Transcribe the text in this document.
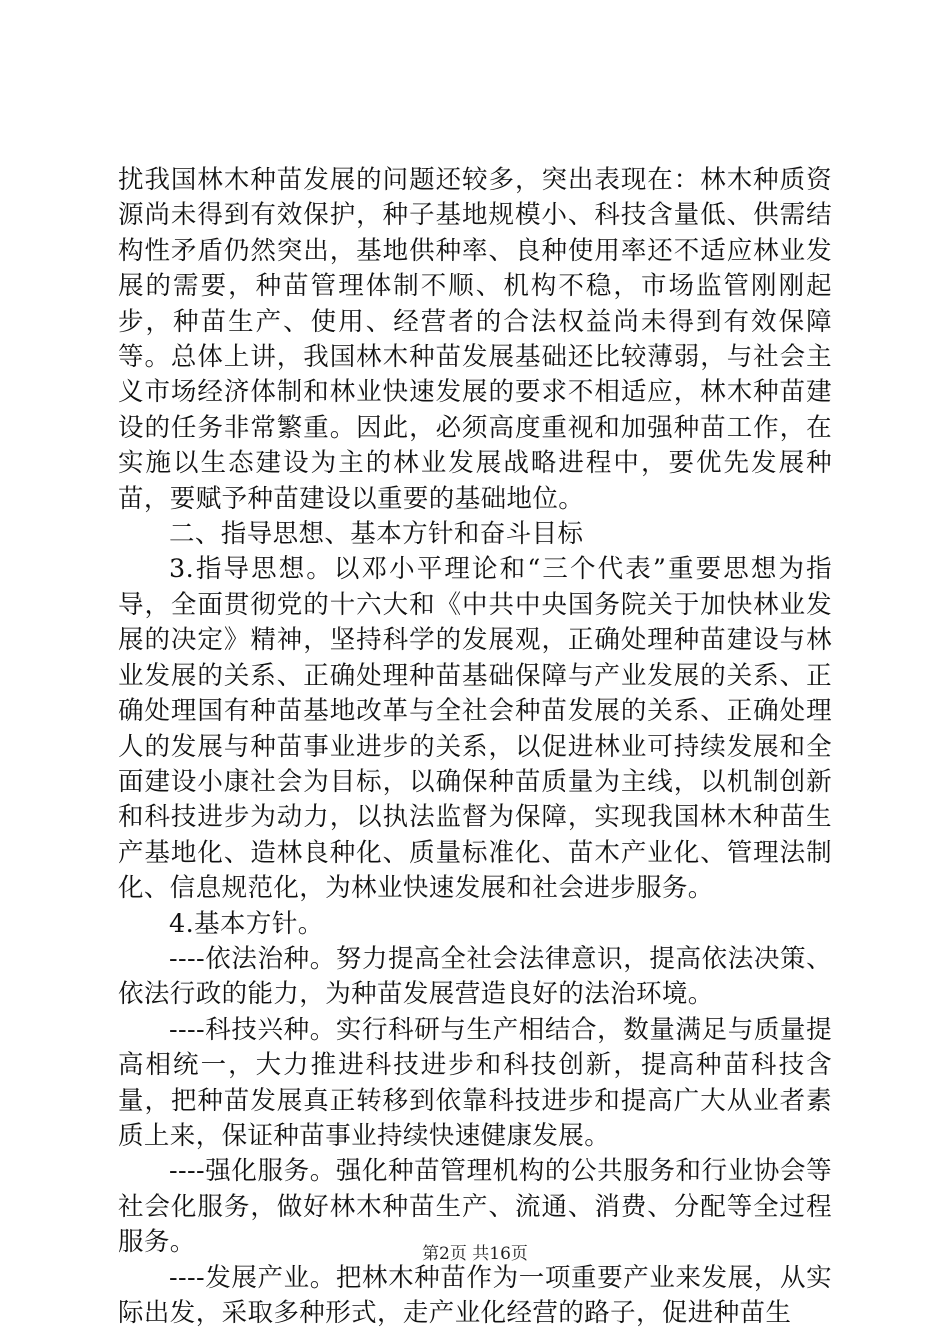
扰我国林木种苗发展的问题还较多，突出表现在：林木种质资源尚未得到有效保护，种子基地规模小、科技含量低、供需结构性矛盾仍然突出，基地供种率、良种使用率还不适应林业发展的需要，种苗管理体制不顺、机构不稳，市场监管刚刚起步，种苗生产、使用、经营者的合法权益尚未得到有效保障等。总体上讲，我国林木种苗发展基础还比较薄弱，与社会主义市场经济体制和林业快速发展的要求不相适应，林木种苗建设的任务非常繁重。因此，必须高度重视和加强种苗工作，在实施以生态建设为主的林业发展战略进程中，要优先发展种苗，要赋予种苗建设以重要的基础地位。

二、指导思想、基本方针和奋斗目标

3.指导思想。以邓小平理论和“三个代表”重要思想为指导，全面贯彻党的十六大和《中共中央国务院关于加快林业发展的决定》精神，坚持科学的发展观，正确处理种苗建设与林业发展的关系、正确处理种苗基础保障与产业发展的关系、正确处理国有种苗基地改革与全社会种苗发展的关系、正确处理人的发展与种苗事业进步的关系，以促进林业可持续发展和全面建设小康社会为目标，以确保种苗质量为主线，以机制创新和科技进步为动力，以执法监督为保障，实现我国林木种苗生产基地化、造林良种化、质量标准化、苗木产业化、管理法制化、信息规范化，为林业快速发展和社会进步服务。

4.基本方针。

----依法治种。努力提高全社会法律意识，提高依法决策、依法行政的能力，为种苗发展营造良好的法治环境。

----科技兴种。实行科研与生产相结合，数量满足与质量提高相统一，大力推进科技进步和科技创新，提高种苗科技含量，把种苗发展真正转移到依靠科技进步和提高广大从业者素质上来，保证种苗事业持续快速健康发展。

----强化服务。强化种苗管理机构的公共服务和行业协会等社会化服务，做好林木种苗生产、流通、消费、分配等全过程服务。

----发展产业。把林木种苗作为一项重要产业来发展，从实际出发，采取多种形式，走产业化经营的路子，促进种苗生

第2页 共16页
